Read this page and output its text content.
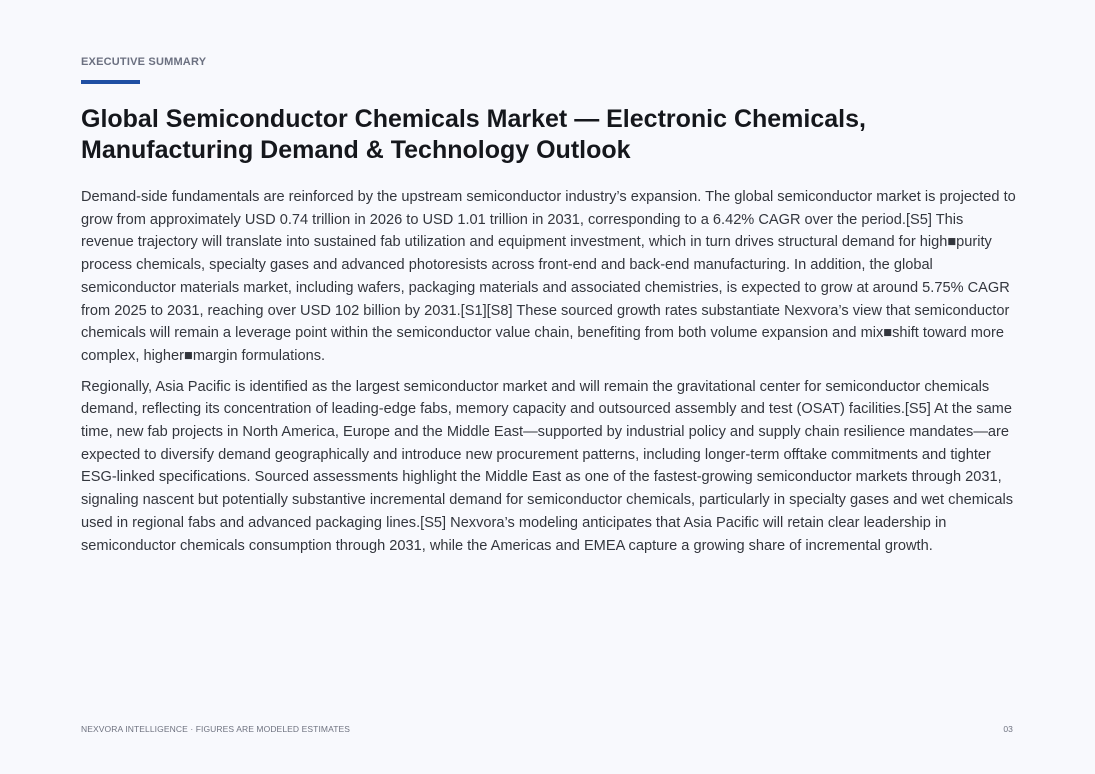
EXECUTIVE SUMMARY
Global Semiconductor Chemicals Market — Electronic Chemicals, Manufacturing Demand & Technology Outlook

Demand-side fundamentals are reinforced by the upstream semiconductor industry’s expansion. The global semiconductor market is projected to grow from approximately USD 0.74 trillion in 2026 to USD 1.01 trillion in 2031, corresponding to a 6.42% CAGR over the period.[S5] This revenue trajectory will translate into sustained fab utilization and equipment investment, which in turn drives structural demand for high■purity process chemicals, specialty gases and advanced photoresists across front-end and back-end manufacturing. In addition, the global semiconductor materials market, including wafers, packaging materials and associated chemistries, is expected to grow at around 5.75% CAGR from 2025 to 2031, reaching over USD 102 billion by 2031.[S1][S8] These sourced growth rates substantiate Nexvora’s view that semiconductor chemicals will remain a leverage point within the semiconductor value chain, benefiting from both volume expansion and mix■shift toward more complex, higher■margin formulations.

Regionally, Asia Pacific is identified as the largest semiconductor market and will remain the gravitational center for semiconductor chemicals demand, reflecting its concentration of leading-edge fabs, memory capacity and outsourced assembly and test (OSAT) facilities.[S5] At the same time, new fab projects in North America, Europe and the Middle East—supported by industrial policy and supply chain resilience mandates—are expected to diversify demand geographically and introduce new procurement patterns, including longer-term offtake commitments and tighter ESG-linked specifications. Sourced assessments highlight the Middle East as one of the fastest-growing semiconductor markets through 2031, signaling nascent but potentially substantive incremental demand for semiconductor chemicals, particularly in specialty gases and wet chemicals used in regional fabs and advanced packaging lines.[S5] Nexvora’s modeling anticipates that Asia Pacific will retain clear leadership in semiconductor chemicals consumption through 2031, while the Americas and EMEA capture a growing share of incremental growth.

NEXVORA INTELLIGENCE · FIGURES ARE MODELED ESTIMATES	03
